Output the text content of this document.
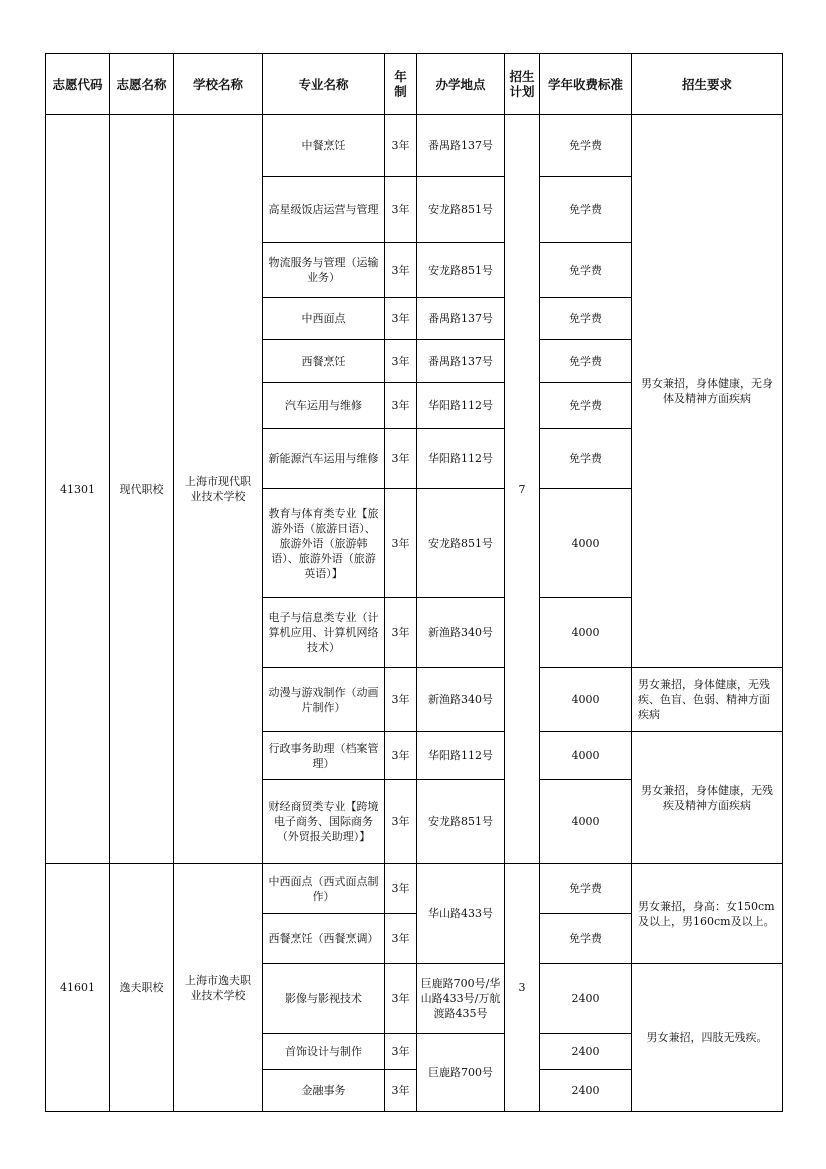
志愿代码	志愿名称	学校名称	专业名称	年制	办学地点	招生计划	学年收费标准	招生要求
41301	现代职校	上海市现代职业技术学校	中餐烹饪	3年	番禺路137号	7	免学费	男女兼招，身体健康，无身体及精神方面疾病
			高星级饭店运营与管理	3年	安龙路851号		免学费	
			物流服务与管理（运输业务）	3年	安龙路851号		免学费	
			中西面点	3年	番禺路137号		免学费	
			西餐烹饪	3年	番禺路137号		免学费	
			汽车运用与维修	3年	华阳路112号		免学费	
			新能源汽车运用与维修	3年	华阳路112号		免学费	
			教育与体育类专业【旅游外语（旅游日语）、旅游外语（旅游韩语）、旅游外语（旅游英语）】	3年	安龙路851号		4000	
			电子与信息类专业（计算机应用、计算机网络技术）	3年	新渔路340号		4000	
			动漫与游戏制作（动画片制作）	3年	新渔路340号		4000	男女兼招，身体健康，无残疾、色盲、色弱、精神方面疾病
			行政事务助理（档案管理）	3年	华阳路112号		4000	男女兼招，身体健康，无残疾及精神方面疾病
			财经商贸类专业【跨境电子商务、国际商务（外贸报关助理）】	3年	安龙路851号		4000	
41601	逸夫职校	上海市逸夫职业技术学校	中西面点（西式面点制作）	3年	华山路433号	3	免学费	男女兼招，身高：女150cm及以上，男160cm及以上。
			西餐烹饪（西餐烹调）	3年			免学费	
			影像与影视技术	3年	巨鹿路700号/华山路433号/万航渡路435号		2400	男女兼招，四肢无残疾。
			首饰设计与制作	3年	巨鹿路700号		2400	
			金融事务	3年			2400	
